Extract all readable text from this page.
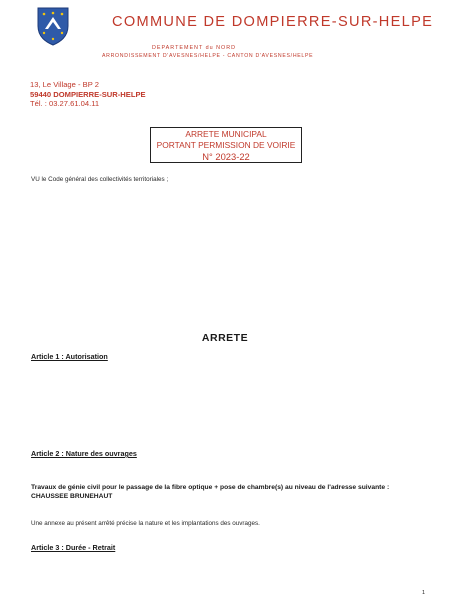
COMMUNE DE DOMPIERRE-SUR-HELPE
DEPARTEMENT du NORD
ARRONDISSEMENT D'AVESNES/HELPE - CANTON D'AVESNES/HELPE
13, Le Village - BP 2
59440 DOMPIERRE-SUR-HELPE
Tél. : 03.27.61.04.11
ARRETE MUNICIPAL
PORTANT PERMISSION DE VOIRIE
N° 2023-22
VU le Code général des collectivités territoriales ;
ARRETE
Article 1 : Autorisation
Article 2 : Nature des ouvrages
Travaux de génie civil pour le passage de la fibre optique + pose de chambre(s) au niveau de l'adresse suivante : CHAUSSEE BRUNEHAUT
Une annexe au présent arrêté précise la nature et les implantations des ouvrages.
Article 3 : Durée - Retrait
1
